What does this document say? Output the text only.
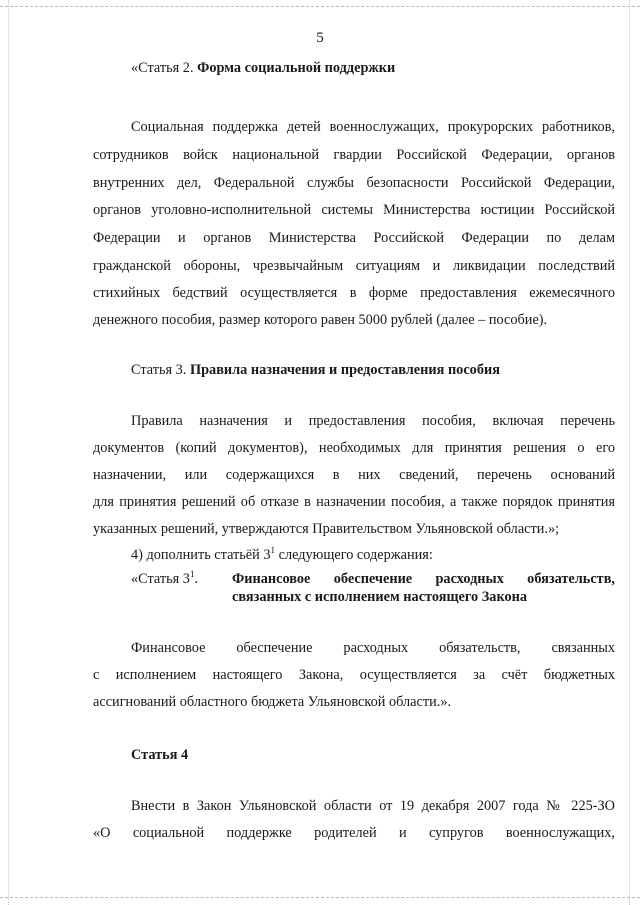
5
«Статья 2. Форма социальной поддержки
Социальная поддержка детей военнослужащих, прокурорских работников,
сотрудников войск национальной гвардии Российской Федерации, органов
внутренних дел, Федеральной службы безопасности Российской Федерации,
органов уголовно-исполнительной системы Министерства юстиции Российской
Федерации и органов Министерства Российской Федерации по делам
гражданской обороны, чрезвычайным ситуациям и ликвидации последствий
стихийных бедствий осуществляется в форме предоставления ежемесячного
денежного пособия, размер которого равен 5000 рублей (далее – пособие).
Статья 3. Правила назначения и предоставления пособия
Правила назначения и предоставления пособия, включая перечень
документов (копий документов), необходимых для принятия решения о его
назначении, или содержащихся в них сведений, перечень оснований
для принятия решений об отказе в назначении пособия, а также порядок принятия
указанных решений, утверждаются Правительством Ульяновской области.»;
4) дополнить статьёй $3^1$ следующего содержания:
«Статья $3^1$.	Финансовое обеспечение расходных обязательств,
связанных с исполнением настоящего Закона
Финансовое обеспечение расходных обязательств, связанных
с исполнением настоящего Закона, осуществляется за счёт бюджетных
ассигнований областного бюджета Ульяновской области.».
Статья 4
Внести в Закон Ульяновской области от 19 декабря 2007 года № 225-ЗО
«О социальной поддержке родителей и супругов военнослужащих,
